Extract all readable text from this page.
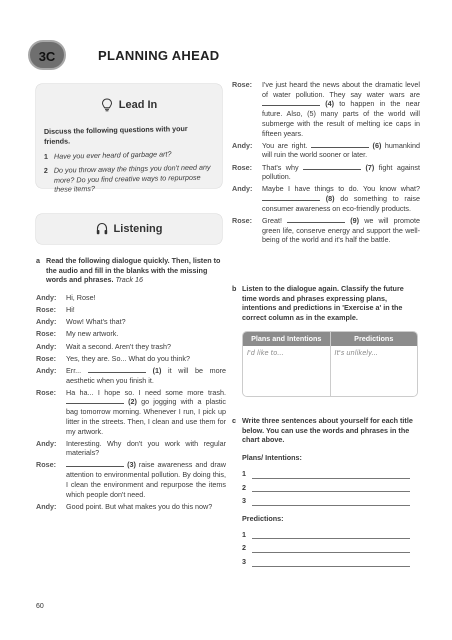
3C	PLANNING AHEAD
Lead In
Discuss the following questions with your friends.
1 Have you ever heard of garbage art?
2 Do you throw away the things you don't need any more? Do you find creative ways to repurpose these items?
Listening
a Read the following dialogue quickly. Then, listen to the audio and fill in the blanks with the missing words and phrases. Track 16
Andy:	Hi, Rose!
Rose:	Hi!
Andy:	Wow! What's that?
Rose:	My new artwork.
Andy:	Wait a second. Aren't they trash?
Rose:	Yes, they are. So... What do you think?
Andy:	Err...	(1) it will be more aesthetic when you finish it.
Rose:	Ha ha... I hope so. I need some more trash.  (2) go jogging with a plastic bag tomorrow morning. Whenever I run, I pick up litter in the streets. Then, I clean and use them for my artwork.
Andy:	Interesting. Why don't you work with regular materials?
Rose:	(3) raise awareness and draw attention to environmental pollution. By doing this, I clean the environment and repurpose the items which people don't need.
Andy:	Good point. But what makes you do this now?
Rose:	I've just heard the news about the dramatic level of water pollution. They say water wars are  (4) to happen in the near future. Also, (5) many parts of the world will submerge with the result of melting ice caps in fifteen years.
Andy:	You are right.	(6) humankind will ruin the world sooner or later.
Rose:	That's why	(7) fight against pollution.
Andy:	Maybe I have things to do. You know what?  (8) do something to raise consumer awareness on eco-friendly products.
Rose:	Great!	(9) we will promote green life, conserve energy and support the well-being of the world and it's half the battle.
b Listen to the dialogue again. Classify the future time words and phrases expressing plans, intentions and predictions in 'Exercise a' in the correct column as in the example.
Plans and Intentions	Predictions
I'd like to...	It's unlikely...
c Write three sentences about yourself for each title below. You can use the words and phrases in the chart above.
Plans/ Intentions:
1
2
3
Predictions:
1
2
3
60
